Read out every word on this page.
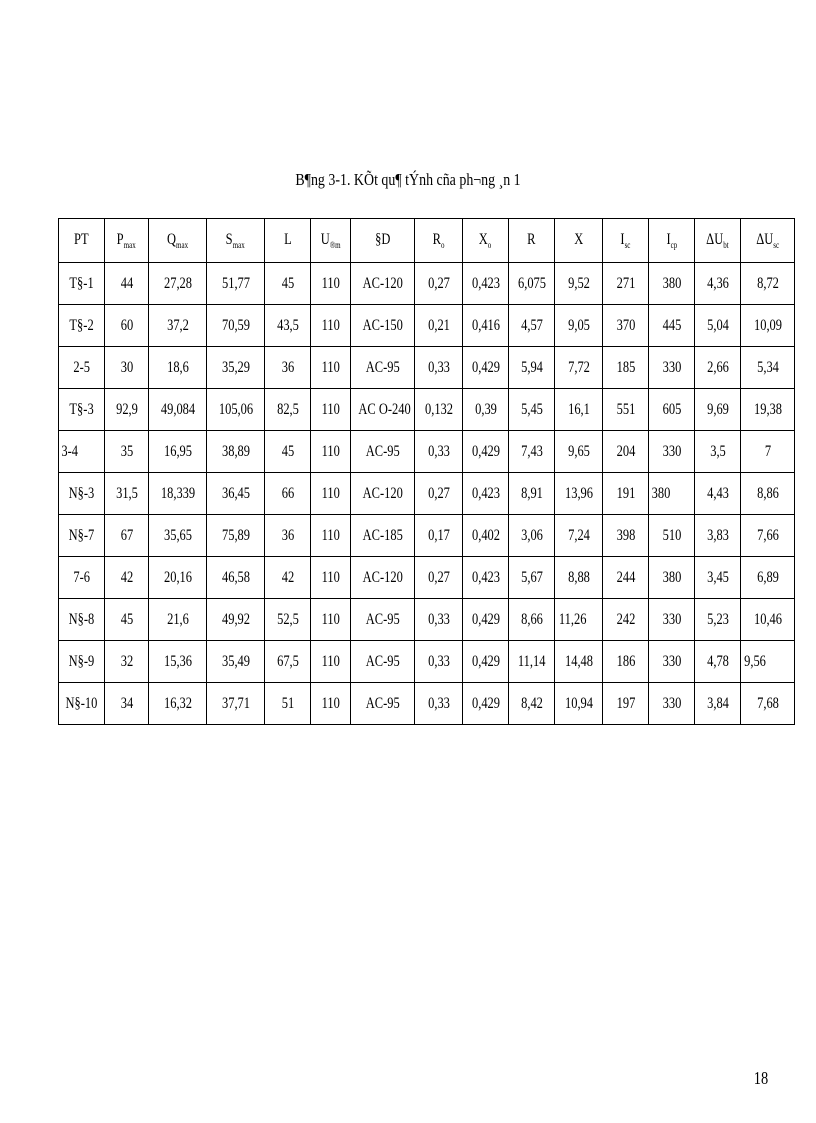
B¶ng 3-1. KÕt qu¶ tÝnh cña ph¬ng ¸n 1
PT	$P_{max}$	$Q_{max}$	$S_{max}$	L	$U_{®m}$	§D	$R_o$	$X_o$	R	X	$I_{sc}$	$I_{cp}$	$\Delta U_{bt}$	$\Delta U_{sc}$
T§-1	44	27,28	51,77	45	110	AC-120	0,27	0,423	6,075	9,52	271	380	4,36	8,72
T§-2	60	37,2	70,59	43,5	110	AC-150	0,21	0,416	4,57	9,05	370	445	5,04	10,09
2-5	30	18,6	35,29	36	110	AC-95	0,33	0,429	5,94	7,72	185	330	2,66	5,34
T§-3	92,9	49,084	105,06	82,5	110	AC O-240	0,132	0,39	5,45	16,1	551	605	9,69	19,38
3-4	35	16,95	38,89	45	110	AC-95	0,33	0,429	7,43	9,65	204	330	3,5	7
N§-3	31,5	18,339	36,45	66	110	AC-120	0,27	0,423	8,91	13,96	191	380	4,43	8,86
N§-7	67	35,65	75,89	36	110	AC-185	0,17	0,402	3,06	7,24	398	510	3,83	7,66
7-6	42	20,16	46,58	42	110	AC-120	0,27	0,423	5,67	8,88	244	380	3,45	6,89
N§-8	45	21,6	49,92	52,5	110	AC-95	0,33	0,429	8,66	11,26	242	330	5,23	10,46
N§-9	32	15,36	35,49	67,5	110	AC-95	0,33	0,429	11,14	14,48	186	330	4,78	9,56
N§-10	34	16,32	37,71	51	110	AC-95	0,33	0,429	8,42	10,94	197	330	3,84	7,68
18
